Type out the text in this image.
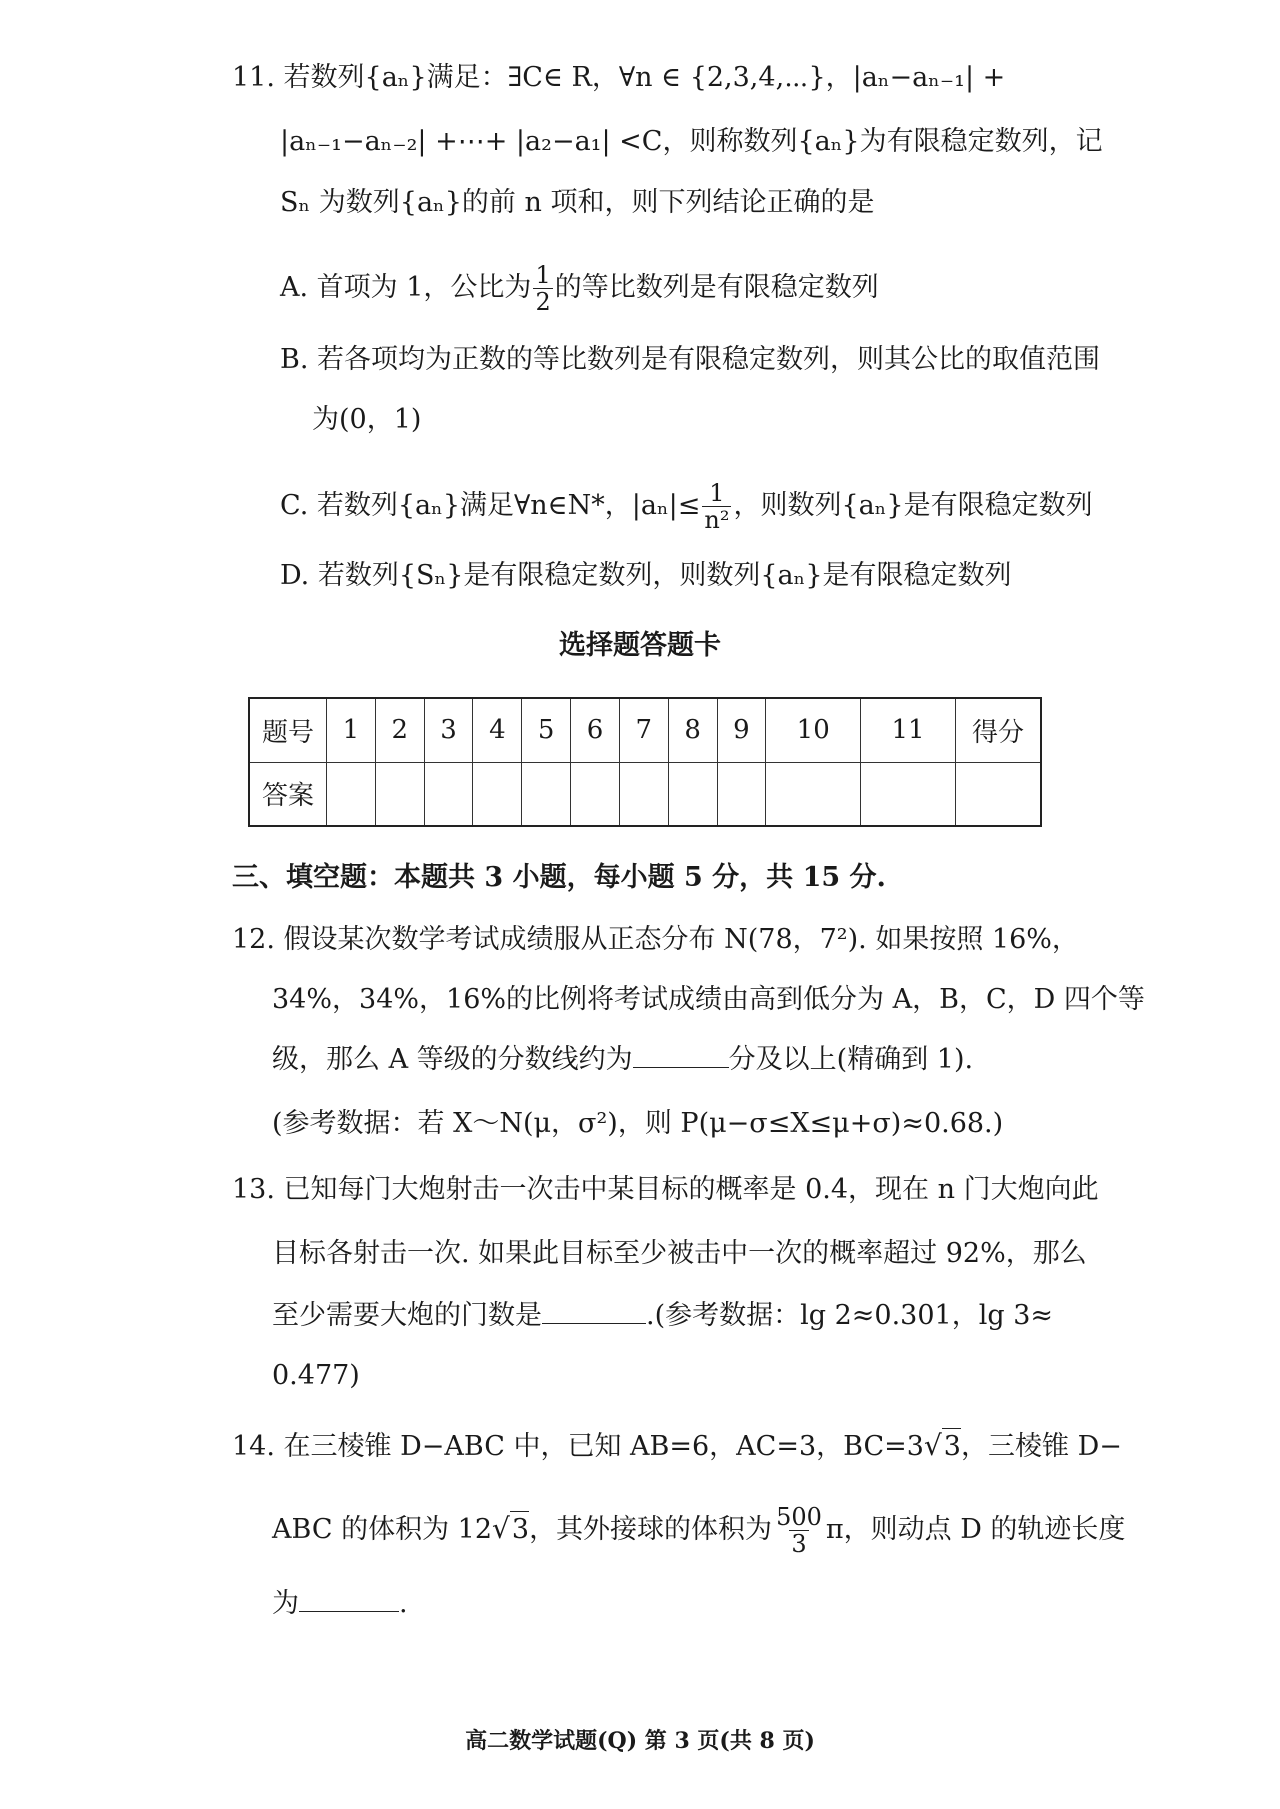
11. 若数列{aₙ}满足：∃C∈ R，∀n ∈ {2,3,4,⋯}，|aₙ−aₙ₋₁| +
|aₙ₋₁−aₙ₋₂| +⋯+ |a₂−a₁| <C，则称数列{aₙ}为有限稳定数列，记
Sₙ 为数列{aₙ}的前 n 项和，则下列结论正确的是
A. 首项为 1，公比为 $\frac{1}{2}$ 的等比数列是有限稳定数列
B. 若各项均为正数的等比数列是有限稳定数列，则其公比的取值范围
为(0，1)
C. 若数列{aₙ}满足∀n∈N*，$|a_n|\le \frac{1}{\text{n²}}$ ，则数列{aₙ}是有限稳定数列
D. 若数列{Sₙ}是有限稳定数列，则数列{aₙ}是有限稳定数列
选择题答题卡
题号	1	2	3	4	5	6	7	8	9	10	11	得分
答案												
三、填空题：本题共 3 小题，每小题 5 分，共 15 分.
12. 假设某次数学考试成绩服从正态分布 N(78，7²). 如果按照 16%，
34%，34%，16%的比例将考试成绩由高到低分为 A，B，C，D 四个等
级，那么 A 等级的分数线约为	分及以上(精确到 1).
(参考数据：若 X～N(μ，σ²)，则 P(μ−σ≤X≤μ+σ)≈0.68.)
13. 已知每门大炮射击一次击中某目标的概率是 0.4，现在 n 门大炮向此
目标各射击一次. 如果此目标至少被击中一次的概率超过 92%，那么
至少需要大炮的门数是	.(参考数据：lg 2≈0.301，lg 3≈
0.477)
14. 在三棱锥 D−ABC 中，已知 AB=6，AC=3，BC=3√3，三棱锥 D−
ABC 的体积为 12√3，其外接球的体积为 $\frac{500}{3}$ π，则动点 D 的轨迹长度
为	.
高二数学试题(Q) 第 3 页(共 8 页)
